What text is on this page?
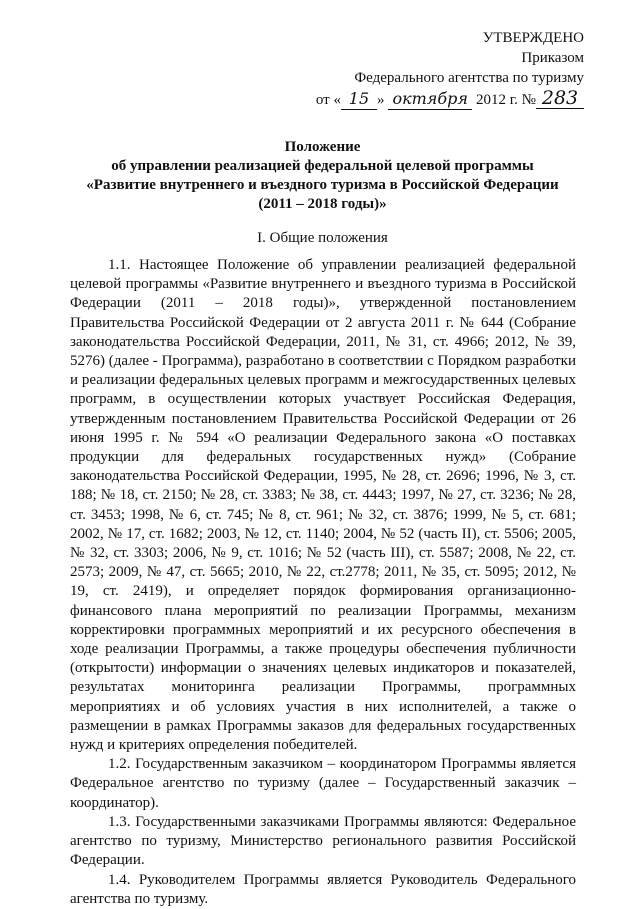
УТВЕРЖДЕНО
Приказом
Федерального агентства по туризму
от « 15 » октября 2012 г. № 283
Положение
об управлении реализацией федеральной целевой программы
«Развитие внутреннего и въездного туризма в Российской Федерации
(2011 – 2018 годы)»
I. Общие положения

1.1. Настоящее Положение об управлении реализацией федеральной целевой программы «Развитие внутреннего и въездного туризма в Российской Федерации (2011 – 2018 годы)», утвержденной постановлением Правительства Российской Федерации от 2 августа 2011 г. № 644 (Собрание законодательства Российской Федерации, 2011, № 31, ст. 4966; 2012, № 39, 5276) (далее - Программа), разработано в соответствии с Порядком разработки и реализации федеральных целевых программ и межгосударственных целевых программ, в осуществлении которых участвует Российская Федерация, утвержденным постановлением Правительства Российской Федерации от 26 июня 1995 г. № 594 «О реализации Федерального закона «О поставках продукции для федеральных государственных нужд» (Собрание законодательства Российской Федерации, 1995, № 28, ст. 2696; 1996, № 3, ст. 188; № 18, ст. 2150; № 28, ст. 3383; № 38, ст. 4443; 1997, № 27, ст. 3236; № 28, ст. 3453; 1998, № 6, ст. 745; № 8, ст. 961; № 32, ст. 3876; 1999, № 5, ст. 681; 2002, № 17, ст. 1682; 2003, № 12, ст. 1140; 2004, № 52 (часть II), ст. 5506; 2005, № 32, ст. 3303; 2006, № 9, ст. 1016; № 52 (часть III), ст. 5587; 2008, № 22, ст. 2573; 2009, № 47, ст. 5665; 2010, № 22, ст.2778; 2011, № 35, ст. 5095; 2012, № 19, ст. 2419), и определяет порядок формирования организационно-финансового плана мероприятий по реализации Программы, механизм корректировки программных мероприятий и их ресурсного обеспечения в ходе реализации Программы, а также процедуры обеспечения публичности (открытости) информации о значениях целевых индикаторов и показателей, результатах мониторинга реализации Программы, программных мероприятиях и об условиях участия в них исполнителей, а также о размещении в рамках Программы заказов для федеральных государственных нужд и критериях определения победителей.

1.2. Государственным заказчиком – координатором Программы является Федеральное агентство по туризму (далее – Государственный заказчик – координатор).

1.3. Государственными заказчиками Программы являются: Федеральное агентство по туризму, Министерство регионального развития Российской Федерации.

1.4. Руководителем Программы является Руководитель Федерального агентства по туризму.
